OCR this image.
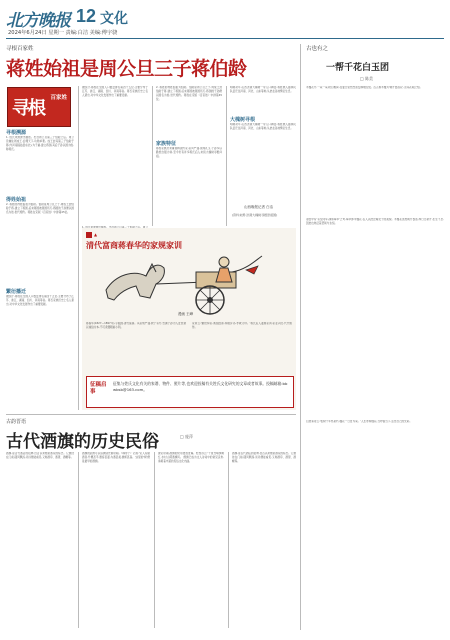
北方晚报 12 文化
2024年6月24日 星期一 责编:白洁 美编:傅宇骁
寻根百家姓
蒋姓始祖是周公旦三子蒋伯龄
寻根 百家姓
寻根溯源
1. 姓氏来源源出姬姓。出自周公旦第三子伯龄之后。周公旦辅佐周成王,治理天下,功勋卓著。成王封其第三子伯龄于蒋(今河南固始县东北),为子爵,建立蒋国,其后子孙以国为姓,称蒋氏。
得姓始祖
2. 蒋姓的得姓始祖为伯龄。伯龄是周公旦之子,周成王封伯龄于蒋,建立了蒋国,后来蒋国被楚国所灭,蒋国的子孙便以国名为姓,世代相传。蒋姓在宋版《百家姓》中排第45位。
繁衍播迁
据统计,蒋姓在全国人口数量排名第四十五位,主要分布于江苏、浙江、湖南、四川、河南等省。蒋氏家族历史上名人辈出,对中华文化发展作出了重要贡献。
据统计,蒋姓在全国人口数量排名第四十五位,主要分布于江苏、浙江、湖南、四川、河南等省。蒋氏家族历史上名人辈出,对中华文化发展作出了重要贡献。
2. 蒋姓的得姓始祖为伯龄。伯龄是周公旦之子,周成王封伯龄于蒋,建立了蒋国,后来蒋国被楚国所灭,蒋国的子孙便以国名为姓,世代相传。蒋姓在宋版《百家姓》中排第45位。
家族特征
蒋姓家族历来重视耕读传家,家风严谨,崇尚礼义,子孙多以勤俭自强为训,至今仍有许多蒋氏后人来到大槐树寻根问祖。
明朝初年,山西洪洞大槐树一带人口稠密,蒋姓族人随移民队伍迁往河南、河北、山东等地,从此在各地繁衍生息。
大槐树寻根
明朝初年,山西洪洞大槐树一带人口稠密,蒋姓族人随移民队伍迁往河南、河北、山东等地,从此在各地繁衍生息。
山西晚报记者 白洁
(资料来源:洪洞大槐树寻根祭祖园)
▲
清代富商蒋春华的家规家训
漫画 王峰
蒋春华(1827—1897年),字振国,清代富商。其家规严谨,教子有方,告诫子孙为人处世须以诚信为本,不可贪图眼前小利。
家训云:'勤俭持家,诚信经商,和睦乡邻,孝敬父母。'蒋氏后人谨遵家训,家业兴旺,代代相传。
征稿启事
征集与姓氏文化有关的家谱、物件、照片等,也欢迎投稿有关姓氏文化研究的文章或者故事。投稿邮箱:bbwbsb@163.com。
古也有之
一帮千花白玉团
□ 陈美
木槿花开,一朵一朵,粉白相间,在夏日里热烈而安静地绽放。古人称木槿为'朝开暮落花',言其花期之短。
诗经中有'有女同车,颜如舜华'之句,舜华即木槿花,古人以此比喻女子的美貌。木槿花虽然朝开暮落,却日日新开,生生不息,因此也象征着坚韧与永恒。
白居易诗云:'松树千年终是朽,槿花一日自为荣。'人生亦如槿花,当珍惜当下,活出自己的光彩。
古韵晋语
古代酒旗的历史民俗	□ 庞萍
酒旗,是古代酒店的招牌,自古以来便是酒家的标志。它悬挂在门前,随风飘扬,远远便能看见,又称酒帘、酒望、酒幌等。
酒旗的起源可以追溯到先秦时期。《韩非子》记载:'宋人有酤酒者,升概甚平,遇客甚谨,为酒甚美,悬帜甚高。'这里的'帜'便是最早的酒旗。
唐宋时期,酒旗的使用更加普遍。杜牧诗云:'千里莺啼绿映红,水村山郭酒旗风。'酒旗已成为文人诗词中的常见意象,承载着丰富的民俗文化内涵。
酒旗,是古代酒店的招牌,自古以来便是酒家的标志。它悬挂在门前,随风飘扬,远远便能看见,又称酒帘、酒望、酒幌等。
